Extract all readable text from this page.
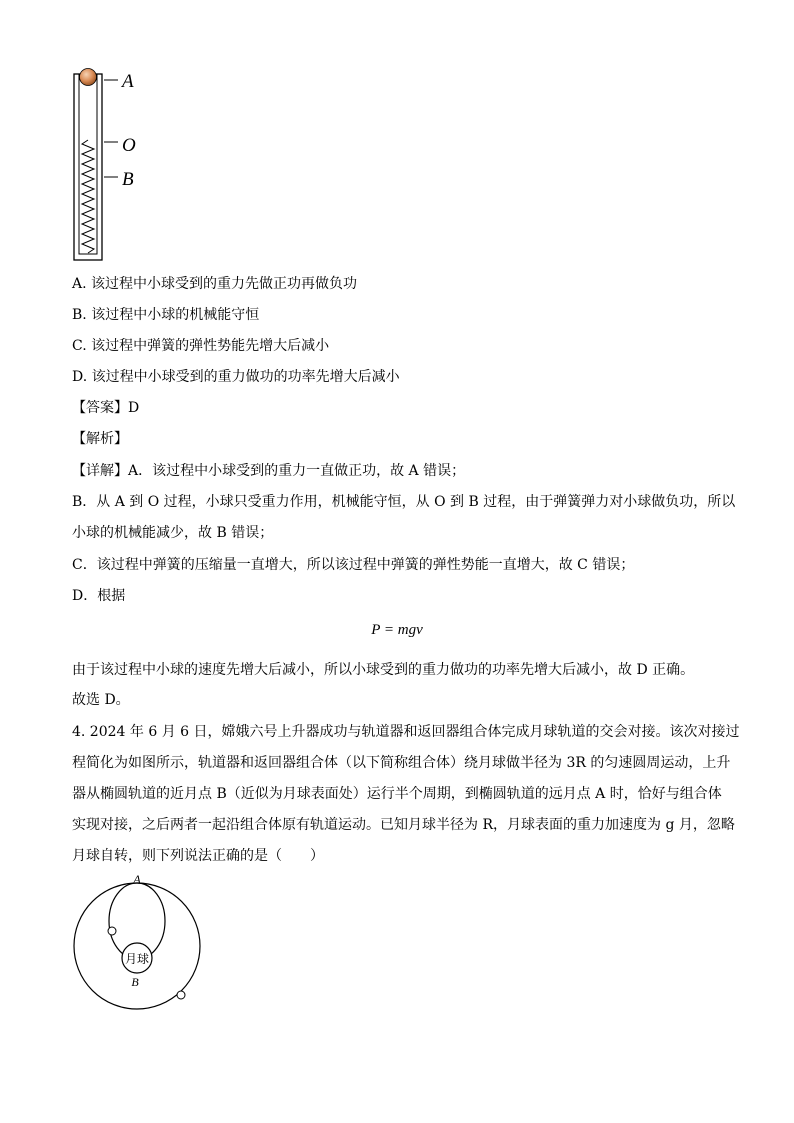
A
O
B
A. 该过程中小球受到的重力先做正功再做负功
B. 该过程中小球的机械能守恒
C. 该过程中弹簧的弹性势能先增大后减小
D. 该过程中小球受到的重力做功的功率先增大后减小
【答案】D
【解析】
【详解】A．该过程中小球受到的重力一直做正功，故 A 错误；
B．从 A 到 O 过程，小球只受重力作用，机械能守恒，从 O 到 B 过程，由于弹簧弹力对小球做负功，所以
小球的机械能减少，故 B 错误；
C．该过程中弹簧的压缩量一直增大，所以该过程中弹簧的弹性势能一直增大，故 C 错误；
D．根据
P = mgv
由于该过程中小球的速度先增大后减小，所以小球受到的重力做功的功率先增大后减小，故 D 正确。
故选 D。
4. 2024 年 6 月 6 日，嫦娥六号上升器成功与轨道器和返回器组合体完成月球轨道的交会对接。该次对接过
程简化为如图所示，轨道器和返回器组合体（以下简称组合体）绕月球做半径为 3R 的匀速圆周运动，上升
器从椭圆轨道的近月点 B（近似为月球表面处）运行半个周期，到椭圆轨道的远月点 A 时，恰好与组合体
实现对接，之后两者一起沿组合体原有轨道运动。已知月球半径为 R，月球表面的重力加速度为 g 月，忽略
月球自转，则下列说法正确的是（　　）
月球
A
B
